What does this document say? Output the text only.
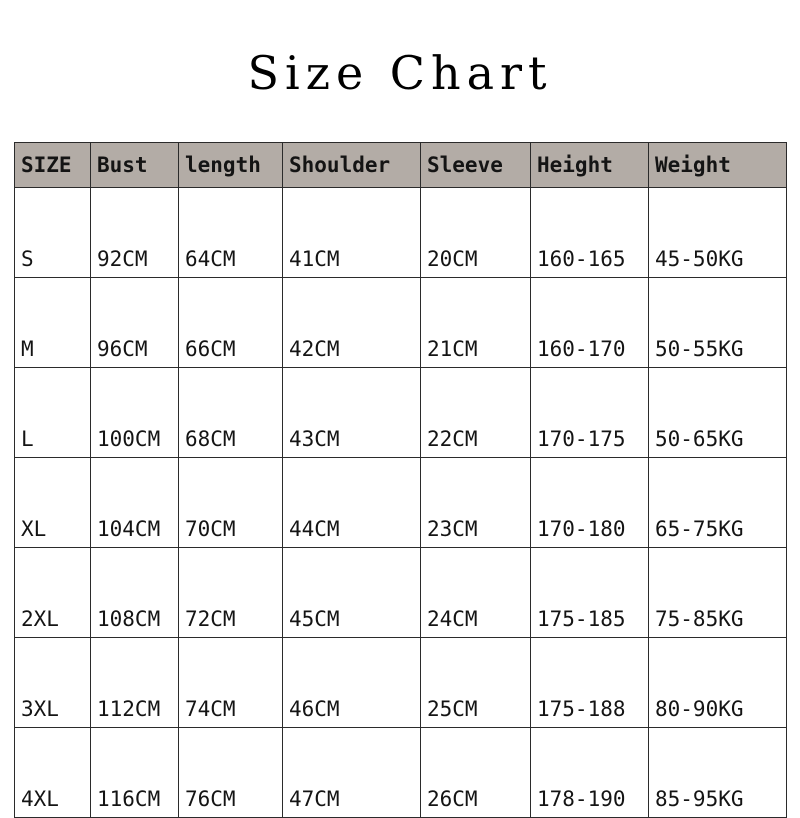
Size Chart
SIZE	Bust	length	Shoulder	Sleeve	Height	Weight
S	92CM	64CM	41CM	20CM	160-165	45-50KG
M	96CM	66CM	42CM	21CM	160-170	50-55KG
L	100CM	68CM	43CM	22CM	170-175	50-65KG
XL	104CM	70CM	44CM	23CM	170-180	65-75KG
2XL	108CM	72CM	45CM	24CM	175-185	75-85KG
3XL	112CM	74CM	46CM	25CM	175-188	80-90KG
4XL	116CM	76CM	47CM	26CM	178-190	85-95KG
